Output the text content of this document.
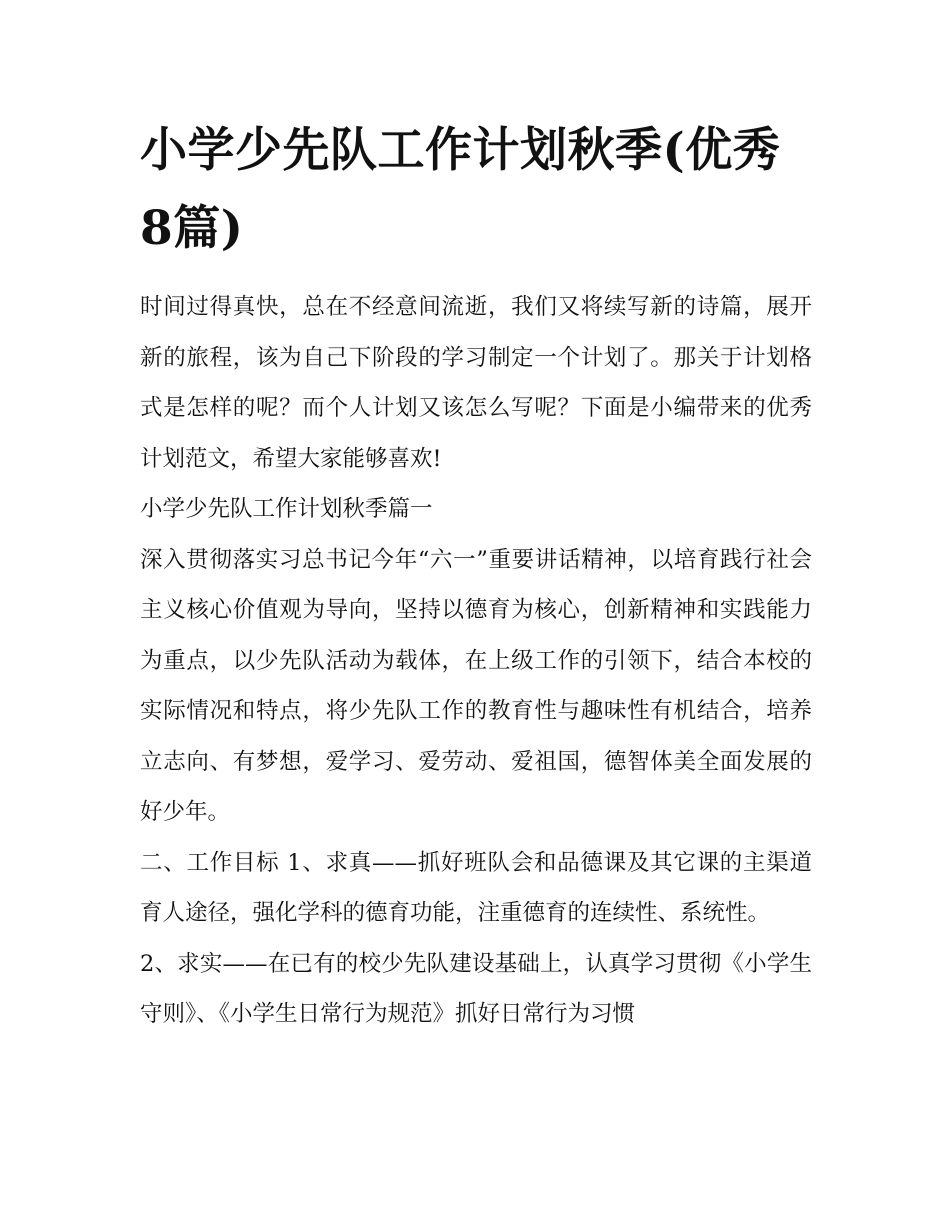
小学少先队工作计划秋季(优秀8篇)

时间过得真快，总在不经意间流逝，我们又将续写新的诗篇，展开新的旅程，该为自己下阶段的学习制定一个计划了。那关于计划格式是怎样的呢？而个人计划又该怎么写呢？下面是小编带来的优秀计划范文，希望大家能够喜欢!

小学少先队工作计划秋季篇一

深入贯彻落实习总书记今年“六一”重要讲话精神，以培育践行社会主义核心价值观为导向，坚持以德育为核心，创新精神和实践能力为重点，以少先队活动为载体，在上级工作的引领下，结合本校的实际情况和特点，将少先队工作的教育性与趣味性有机结合，培养立志向、有梦想，爱学习、爱劳动、爱祖国，德智体美全面发展的好少年。

二、工作目标 1、求真——抓好班队会和品德课及其它课的主渠道育人途径，强化学科的德育功能，注重德育的连续性、系统性。

2、求实——在已有的校少先队建设基础上，认真学习贯彻《小学生守则》、《小学生日常行为规范》抓好日常行为习惯
